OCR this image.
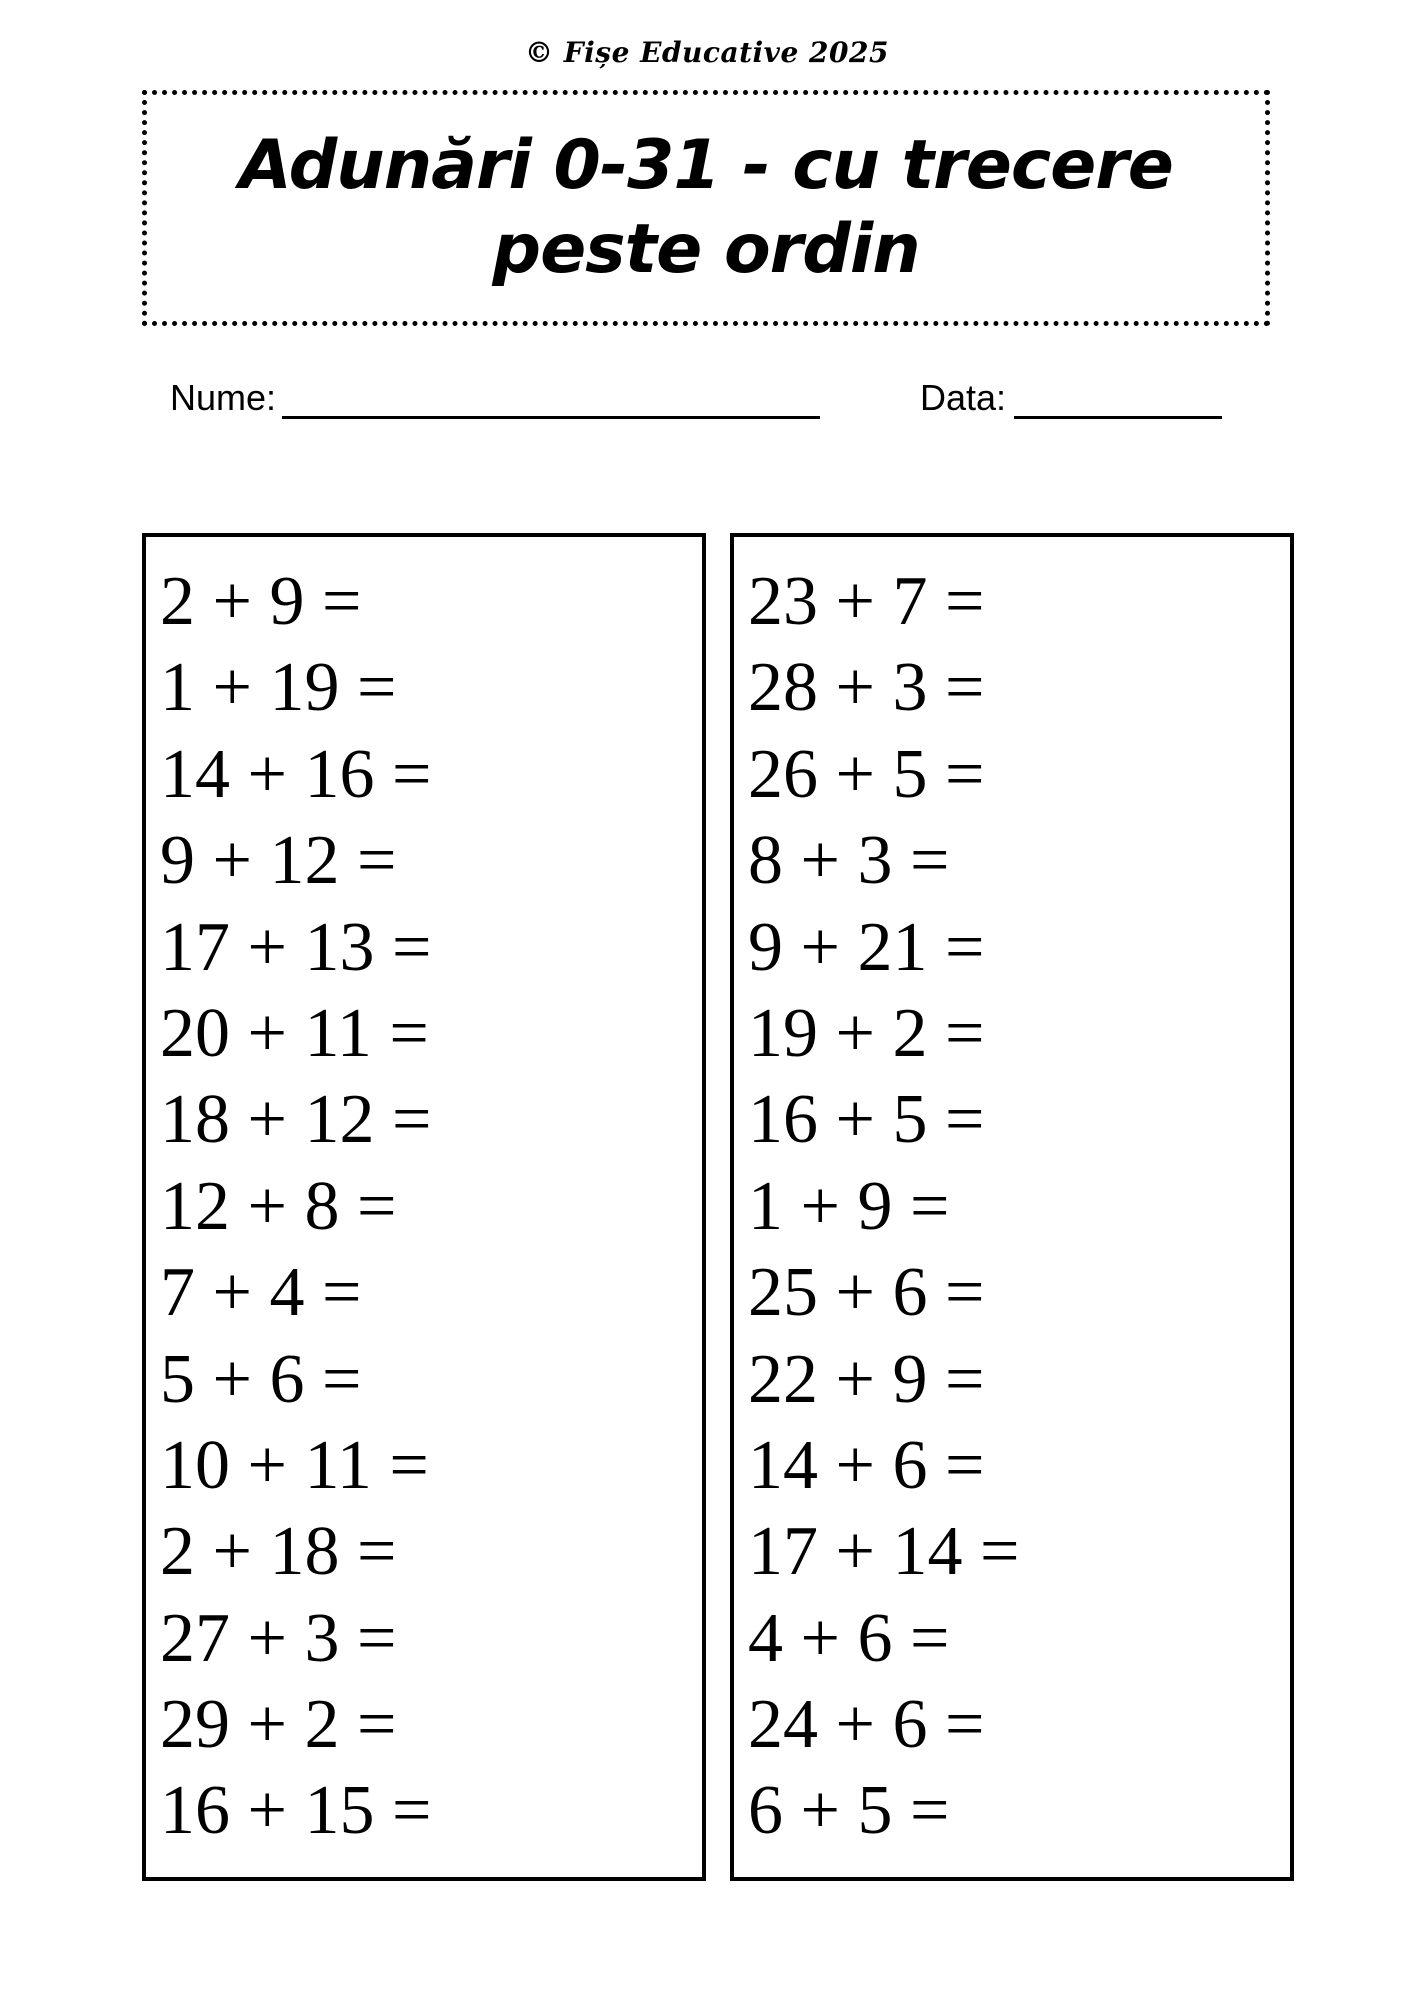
© Fișe Educative 2025
Adunări 0-31 - cu trecere peste ordin
Nume:	Data:
2 + 9 =
1 + 19 =
14 + 16 =
9 + 12 =
17 + 13 =
20 + 11 =
18 + 12 =
12 + 8 =
7 + 4 =
5 + 6 =
10 + 11 =
2 + 18 =
27 + 3 =
29 + 2 =
16 + 15 =
23 + 7 =
28 + 3 =
26 + 5 =
8 + 3 =
9 + 21 =
19 + 2 =
16 + 5 =
1 + 9 =
25 + 6 =
22 + 9 =
14 + 6 =
17 + 14 =
4 + 6 =
24 + 6 =
6 + 5 =
